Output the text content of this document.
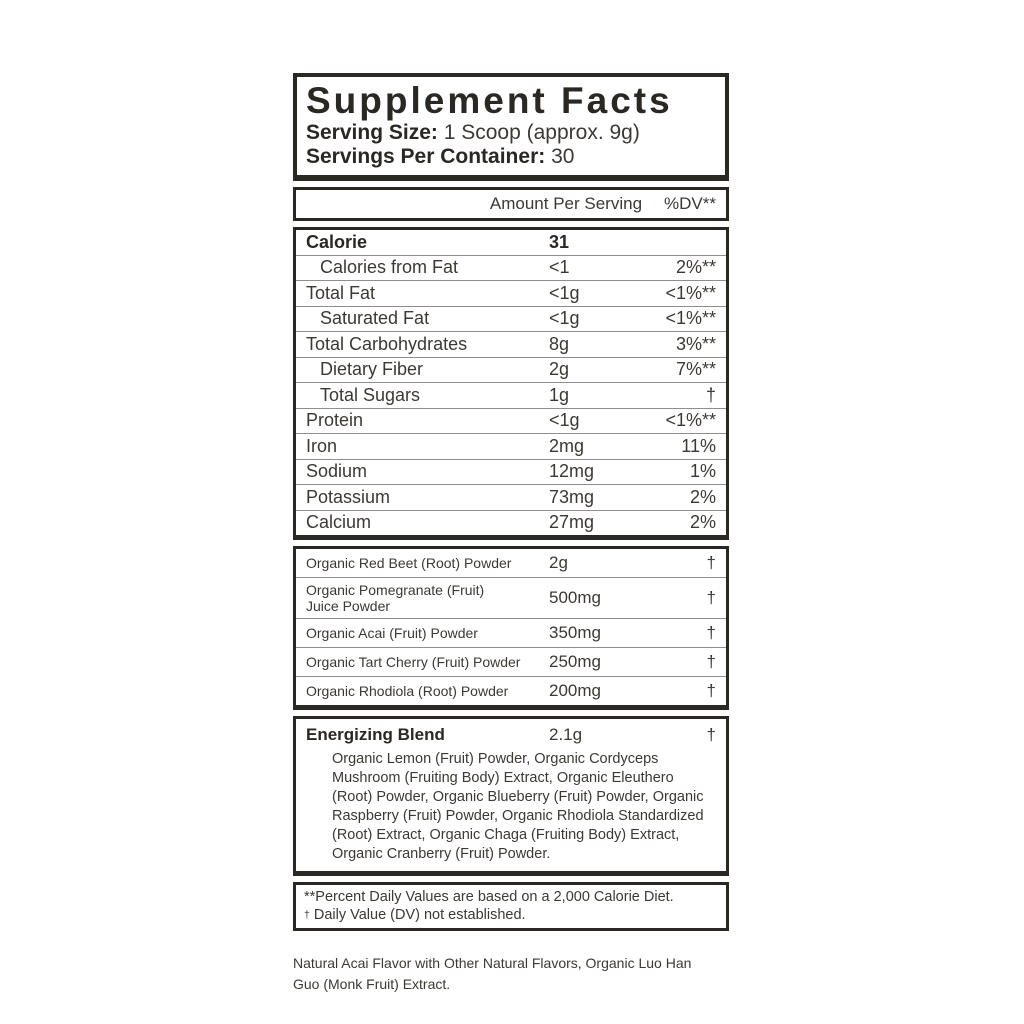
Supplement Facts
Serving Size: 1 Scoop (approx. 9g)
Servings Per Container: 30
Amount Per Serving %DV**
Calorie	31
Calories from Fat	<1	2%**
Total Fat	<1g	<1%**
Saturated Fat	<1g	<1%**
Total Carbohydrates	8g	3%**
Dietary Fiber	2g	7%**
Total Sugars	1g	†
Protein	<1g	<1%**
Iron	2mg	11%
Sodium	12mg	1%
Potassium	73mg	2%
Calcium	27mg	2%
Organic Red Beet (Root) Powder	2g	†
Organic Pomegranate (Fruit)
Juice Powder	500mg	†
Organic Acai (Fruit) Powder	350mg	†
Organic Tart Cherry (Fruit) Powder	250mg	†
Organic Rhodiola (Root) Powder	200mg	†
Energizing Blend	2.1g	†

Organic Lemon (Fruit) Powder, Organic Cordyceps Mushroom (Fruiting Body) Extract, Organic Eleuthero (Root) Powder, Organic Blueberry (Fruit) Powder, Organic Raspberry (Fruit) Powder, Organic Rhodiola Standardized (Root) Extract, Organic Chaga (Fruiting Body) Extract, Organic Cranberry (Fruit) Powder.

**Percent Daily Values are based on a 2,000 Calorie Diet.

† Daily Value (DV) not established.

Natural Acai Flavor with Other Natural Flavors, Organic Luo Han Guo (Monk Fruit) Extract.
